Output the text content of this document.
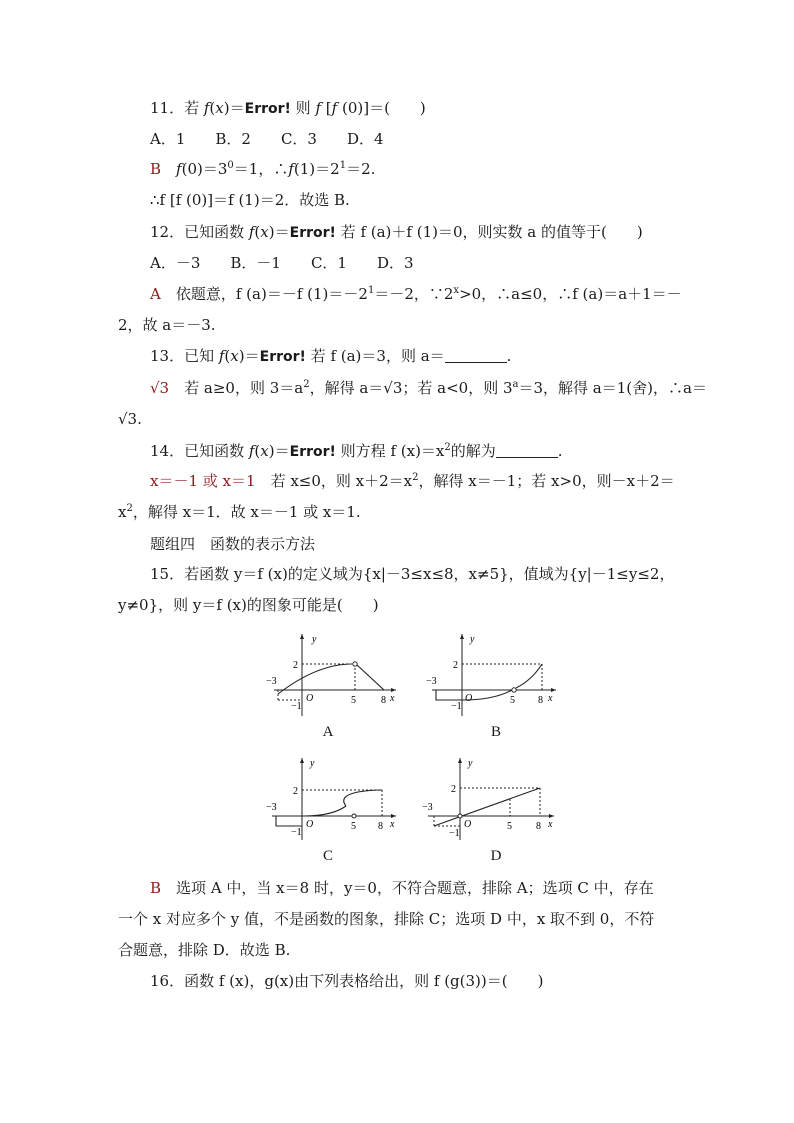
11．若 f(x)＝Error! 则 f [f (0)]＝(　　)
A．1　　B．2　　C．3　　D．4
B　 $f(0)=3^0=1$，$\therefore f(1)=2^1=2$.
∴f [f (0)]＝f (1)＝2．故选 B.
12．已知函数 f(x)＝Error! 若 f (a)＋f (1)＝0，则实数 a 的值等于(　　)
A．－3　　B．－1　　C．1　　D．3
A　 依题意，f (a)＝－f $(1)=-2^1=-2$，$\because 2^x>0$，∴a≤0，∴f (a)＝a＋1＝－
2，故 a＝－3.
13．已知 f(x)＝Error! 若 f (a)＝3，则 a＝	.
√3　 若 a≥0，则 $3=a^2$，解得 a＝√3；若 a<0，则 $3^a=3$，解得 a＝1(舍)，∴a＝
√3.
14．已知函数 f(x)＝Error! 则方程 f $(x)=x^2$的解为	.
x＝－1 或 x＝1　 若 x≤0，则 $x+2=x^2$，解得 x＝－1；若 x>0，则－x＋2＝
$x^2$，解得 x＝1．故 x＝－1 或 x＝1.
题组四　函数的表示方法
15．若函数 y＝f (x)的定义域为{x|－3≤x≤8，x≠5}，值域为{y|－1≤y≤2，
y≠0}，则 y＝f (x)的图象可能是(　　)
y
x
O
−3
2
−1
5	8
A
y
x
O
−3
2
−1
5 8
B
y
x
O
−3
2
−1
5 8
C
y
x
O
−3
2
−1
5 8
D
B　 选项 A 中，当 x＝8 时，y＝0，不符合题意，排除 A；选项 C 中，存在
一个 x 对应多个 y 值，不是函数的图象，排除 C；选项 D 中，x 取不到 0，不符
合题意，排除 D．故选 B.
16．函数 f (x)，g(x)由下列表格给出，则 f (g(3))＝(　　)
